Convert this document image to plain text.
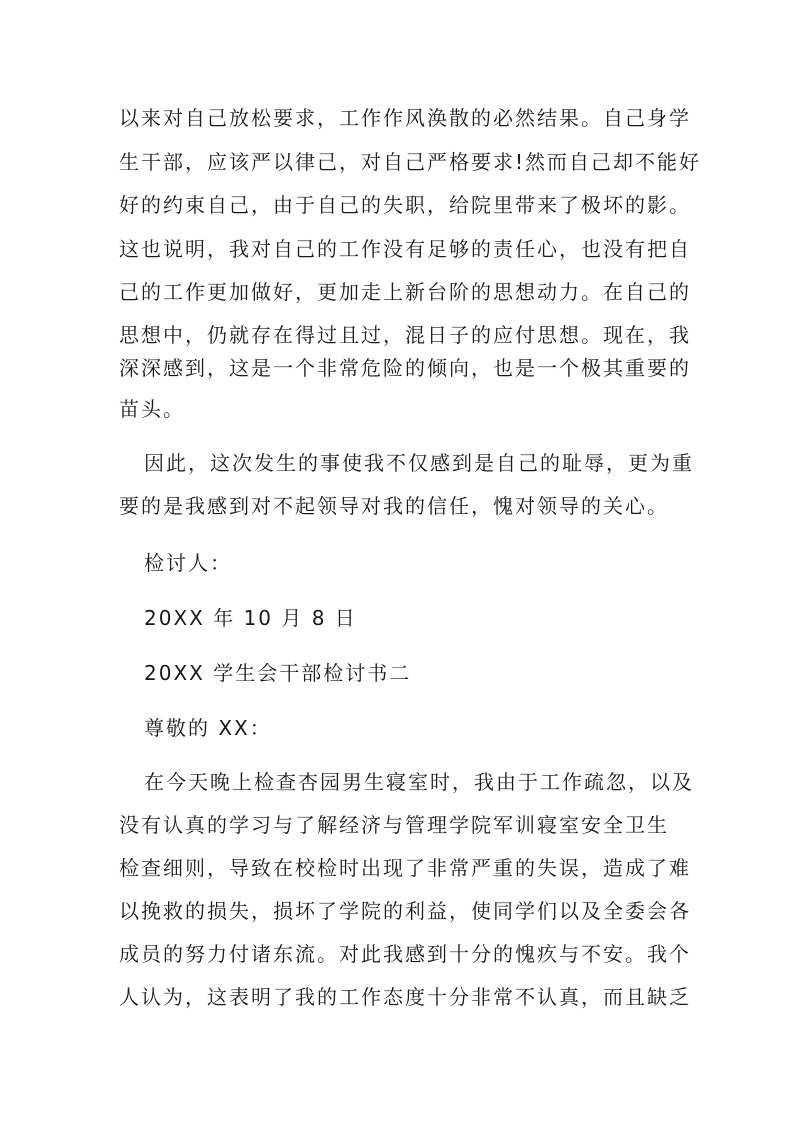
以来对自己放松要求，工作作风涣散的必然结果。自己身学
生干部，应该严以律己，对自己严格要求!然而自己却不能好
好的约束自己，由于自己的失职，给院里带来了极坏的影。
这也说明，我对自己的工作没有足够的责任心，也没有把自
己的工作更加做好，更加走上新台阶的思想动力。在自己的
思想中，仍就存在得过且过，混日子的应付思想。现在，我
深深感到，这是一个非常危险的倾向，也是一个极其重要的
苗头。
因此，这次发生的事使我不仅感到是自己的耻辱，更为重
要的是我感到对不起领导对我的信任，愧对领导的关心。
检讨人：
20XX 年 10 月 8 日
20XX 学生会干部检讨书二
尊敬的 XX：
在今天晚上检查杏园男生寝室时，我由于工作疏忽，以及
没有认真的学习与了解经济与管理学院军训寝室安全卫生
检查细则，导致在校检时出现了非常严重的失误，造成了难
以挽救的损失，损坏了学院的利益，使同学们以及全委会各
成员的努力付诸东流。对此我感到十分的愧疚与不安。我个
人认为，这表明了我的工作态度十分非常不认真，而且缺乏
